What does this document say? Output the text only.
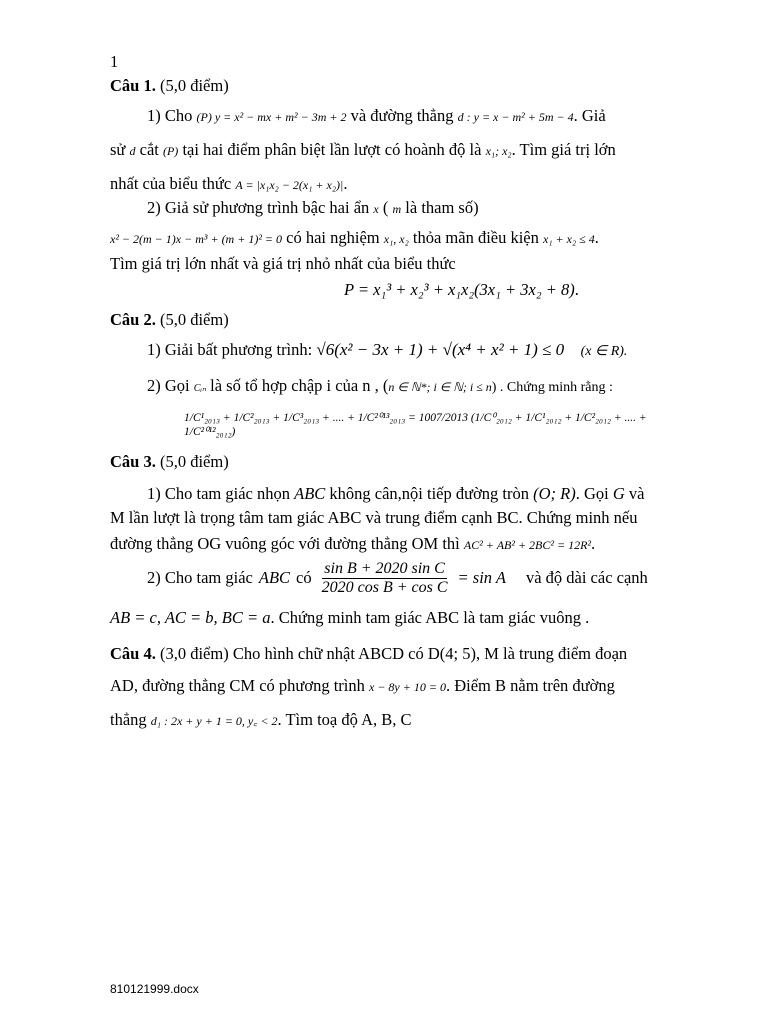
1
Câu 1. (5,0 điểm)
1) Cho (P) y = x² − mx + m² − 3m + 2 và đường thẳng d : y = x − m² + 5m − 4. Giả
sử d cắt (P) tại hai điểm phân biệt lần lượt có hoành độ là x₁; x₂. Tìm giá trị lớn
nhất của biểu thức A = |x₁x₂ − 2(x₁ + x₂)|.
2) Giả sử phương trình bậc hai ẩn x ( m là tham số)
x² − 2(m − 1)x − m³ + (m + 1)² = 0 có hai nghiệm x₁, x₂ thỏa mãn điều kiện x₁ + x₂ ≤ 4.
Tìm giá trị lớn nhất và giá trị nhỏ nhất của biểu thức
P = x₁³ + x₂³ + x₁x₂(3x₁ + 3x₂ + 8).
Câu 2. (5,0 điểm)
1) Giải bất phương trình: √6(x² − 3x + 1) + √(x⁴ + x² + 1) ≤ 0 (x ∈ R).
2) Gọi Cᵢₙ là số tổ hợp chập i của n , (n ∈ ℕ*; i ∈ ℕ; i ≤ n) . Chứng minh rằng :
1/C¹₂₀₁₃ + 1/C²₂₀₁₃ + 1/C³₂₀₁₃ + .... + 1/C²⁰¹³₂₀₁₃ = 1007/2013 (1/C⁰₂₀₁₂ + 1/C¹₂₀₁₂ + 1/C²₂₀₁₂ + .... + 1/C²⁰¹²₂₀₁₂)
Câu 3. (5,0 điểm)
1) Cho tam giác nhọn ABC không cân,nội tiếp đường tròn (O; R). Gọi G và
M lần lượt là trọng tâm tam giác ABC và trung điểm cạnh BC. Chứng minh nếu
đường thẳng OG vuông góc với đường thẳng OM thì AC² + AB² + 2BC² = 12R².
2) Cho tam giác ABC có $\frac{\text{sin B + 2020 sin C}}{\text{2020 cos B + cos C}} = \sin A$ và độ dài các cạnh
AB = c, AC = b, BC = a. Chứng minh tam giác ABC là tam giác vuông .
Câu 4. (3,0 điểm) Cho hình chữ nhật ABCD có D(4; 5), M là trung điểm đoạn
AD, đường thẳng CM có phương trình x − 8y + 10 = 0. Điểm B nằm trên đường
thẳng d₁ : 2x + y + 1 = 0, y꜀ < 2. Tìm toạ độ A, B, C
810121999.docx
